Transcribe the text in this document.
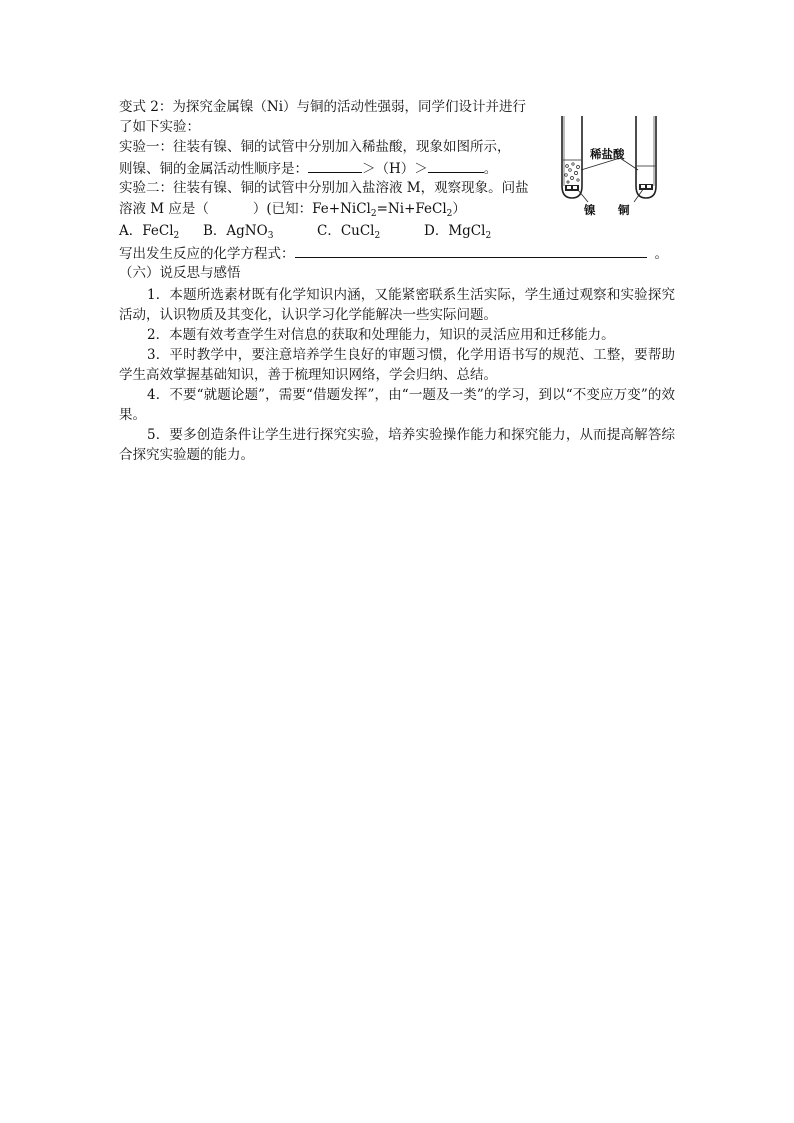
变式 2：为探究金属镍（Ni）与铜的活动性强弱，同学们设计并进行
了如下实验：
实验一：往装有镍、铜的试管中分别加入稀盐酸，现象如图所示，
则镍、铜的金属活动性顺序是：	＞（H）＞	。
实验二：往装有镍、铜的试管中分别加入盐溶液 M，观察现象。问盐
溶液 M 应是（	）(已知：Fe+NiCl$_2$=Ni+FeCl$_2$）
A．FeCl$_2$ B．AgNO$_3$	C．CuCl$_2$	D．MgCl$_2$
写出发生反应的化学方程式：	。
（六）说反思与感悟

1．本题所选素材既有化学知识内涵，又能紧密联系生活实际，学生通过观察和实验探究活动，认识物质及其变化，认识学习化学能解决一些实际问题。

2．本题有效考查学生对信息的获取和处理能力，知识的灵活应用和迁移能力。

3．平时教学中，要注意培养学生良好的审题习惯，化学用语书写的规范、工整，要帮助学生高效掌握基础知识，善于梳理知识网络，学会归纳、总结。

4．不要“就题论题”，需要“借题发挥”，由“一题及一类”的学习，到以“不变应万变”的效果。

5．要多创造条件让学生进行探究实验，培养实验操作能力和探究能力，从而提高解答综合探究实验题的能力。

稀盐酸
镍 铜
